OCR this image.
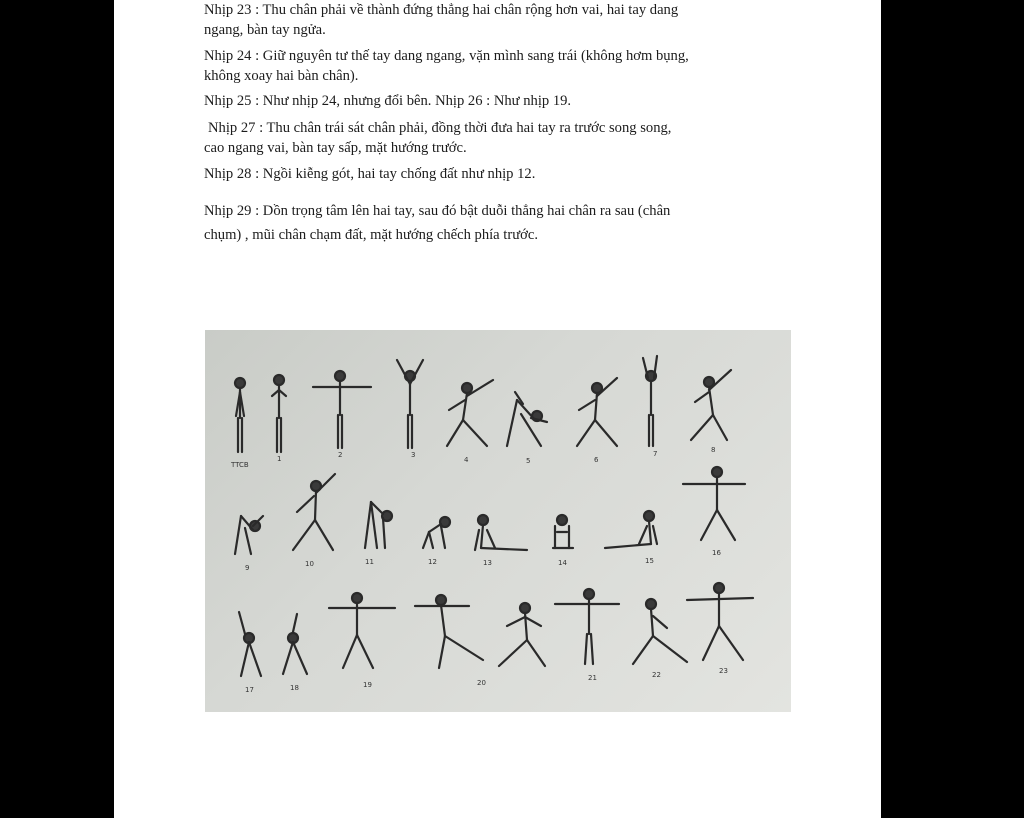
Nhịp 23 : Thu chân phải về thành đứng thẳng hai chân rộng hơn vai, hai tay dang
ngang, bàn tay ngửa.
Nhịp 24 : Giữ nguyên tư thế tay dang ngang, vặn mình sang trái (không hơm bụng,
không xoay hai bàn chân).
Nhịp 25 : Như nhịp 24, nhưng đổi bên. Nhịp 26 : Như nhịp 19.
Nhịp 27 : Thu chân trái sát chân phải, đồng thời đưa hai tay ra trước song song,
cao ngang vai, bàn tay sấp, mặt hướng trước.
Nhịp 28 : Ngồi kiễng gót, hai tay chống đất như nhịp 12.
Nhịp 29 : Dồn trọng tâm lên hai tay, sau đó bật duỗi thẳng hai chân ra sau (chân
chụm) , mũi chân chạm đất, mặt hướng chếch phía trước.
TTCB
1	2	3
4	5	6
7	8
9	10	11	12	13	14	15
16
17	18	19	20
21	22	23
